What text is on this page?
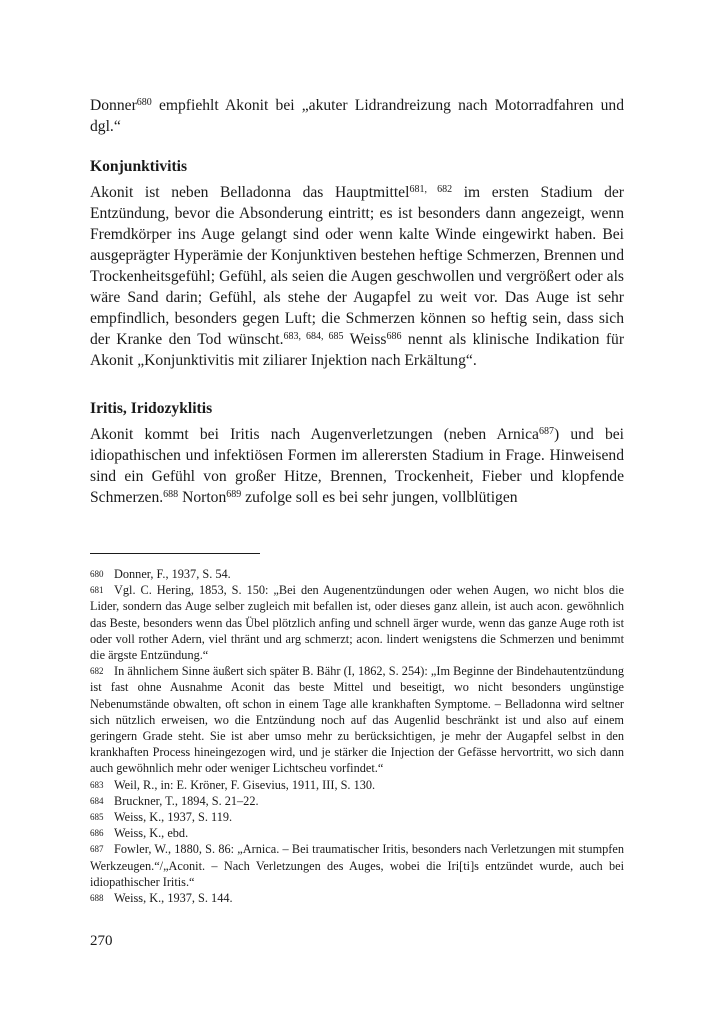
Donner$^{680}$ empfiehlt Akonit bei „akuter Lidrandreizung nach Motorradfahren und dgl.“

Konjunktivitis

Akonit ist neben Belladonna das Hauptmittel$^{681, 682}$ im ersten Stadium der Entzündung, bevor die Absonderung eintritt; es ist besonders dann angezeigt, wenn Fremdkörper ins Auge gelangt sind oder wenn kalte Winde eingewirkt haben. Bei ausgeprägter Hyperämie der Konjunktiven bestehen heftige Schmerzen, Brennen und Trockenheitsgefühl; Gefühl, als seien die Augen geschwollen und vergrößert oder als wäre Sand darin; Gefühl, als stehe der Augapfel zu weit vor. Das Auge ist sehr empfindlich, besonders gegen Luft; die Schmerzen können so heftig sein, dass sich der Kranke den Tod wünscht.$^{683, 684, 685}$ Weiss$^{686}$ nennt als klinische Indikation für Akonit „Konjunktivitis mit ziliarer Injektion nach Erkältung“.

Iritis, Iridozyklitis

Akonit kommt bei Iritis nach Augenverletzungen (neben Arnica$^{687}$) und bei idiopathischen und infektiösen Formen im allerersten Stadium in Frage. Hinweisend sind ein Gefühl von großer Hitze, Brennen, Trockenheit, Fieber und klopfende Schmerzen.$^{688}$ Norton$^{689}$ zufolge soll es bei sehr jungen, vollblütigen

680 Donner, F., 1937, S. 54.

681 Vgl. C. Hering, 1853, S. 150: „Bei den Augenentzündungen oder wehen Augen, wo nicht blos die Lider, sondern das Auge selber zugleich mit befallen ist, oder dieses ganz allein, ist auch acon. gewöhnlich das Beste, besonders wenn das Übel plötzlich anfing und schnell ärger wurde, wenn das ganze Auge roth ist oder voll rother Adern, viel thränt und arg schmerzt; acon. lindert wenigstens die Schmerzen und benimmt die ärgste Entzündung.“

682 In ähnlichem Sinne äußert sich später B. Bähr (I, 1862, S. 254): „Im Beginne der Bindehautentzündung ist fast ohne Ausnahme Aconit das beste Mittel und beseitigt, wo nicht besonders ungünstige Nebenumstände obwalten, oft schon in einem Tage alle krankhaften Symptome. – Belladonna wird seltner sich nützlich erweisen, wo die Entzündung noch auf das Augenlid beschränkt ist und also auf einem geringern Grade steht. Sie ist aber umso mehr zu berücksichtigen, je mehr der Augapfel selbst in den krankhaften Process hineingezogen wird, und je stärker die Injection der Gefässe hervortritt, wo sich dann auch gewöhnlich mehr oder weniger Lichtscheu vorfindet.“

683 Weil, R., in: E. Kröner, F. Gisevius, 1911, III, S. 130.

684 Bruckner, T., 1894, S. 21–22.

685 Weiss, K., 1937, S. 119.

686 Weiss, K., ebd.

687 Fowler, W., 1880, S. 86: „Arnica. – Bei traumatischer Iritis, besonders nach Verletzungen mit stumpfen Werkzeugen.“/„Aconit. – Nach Verletzungen des Auges, wobei die Iri[ti]s entzündet wurde, auch bei idiopathischer Iritis.“

688 Weiss, K., 1937, S. 144.

270
